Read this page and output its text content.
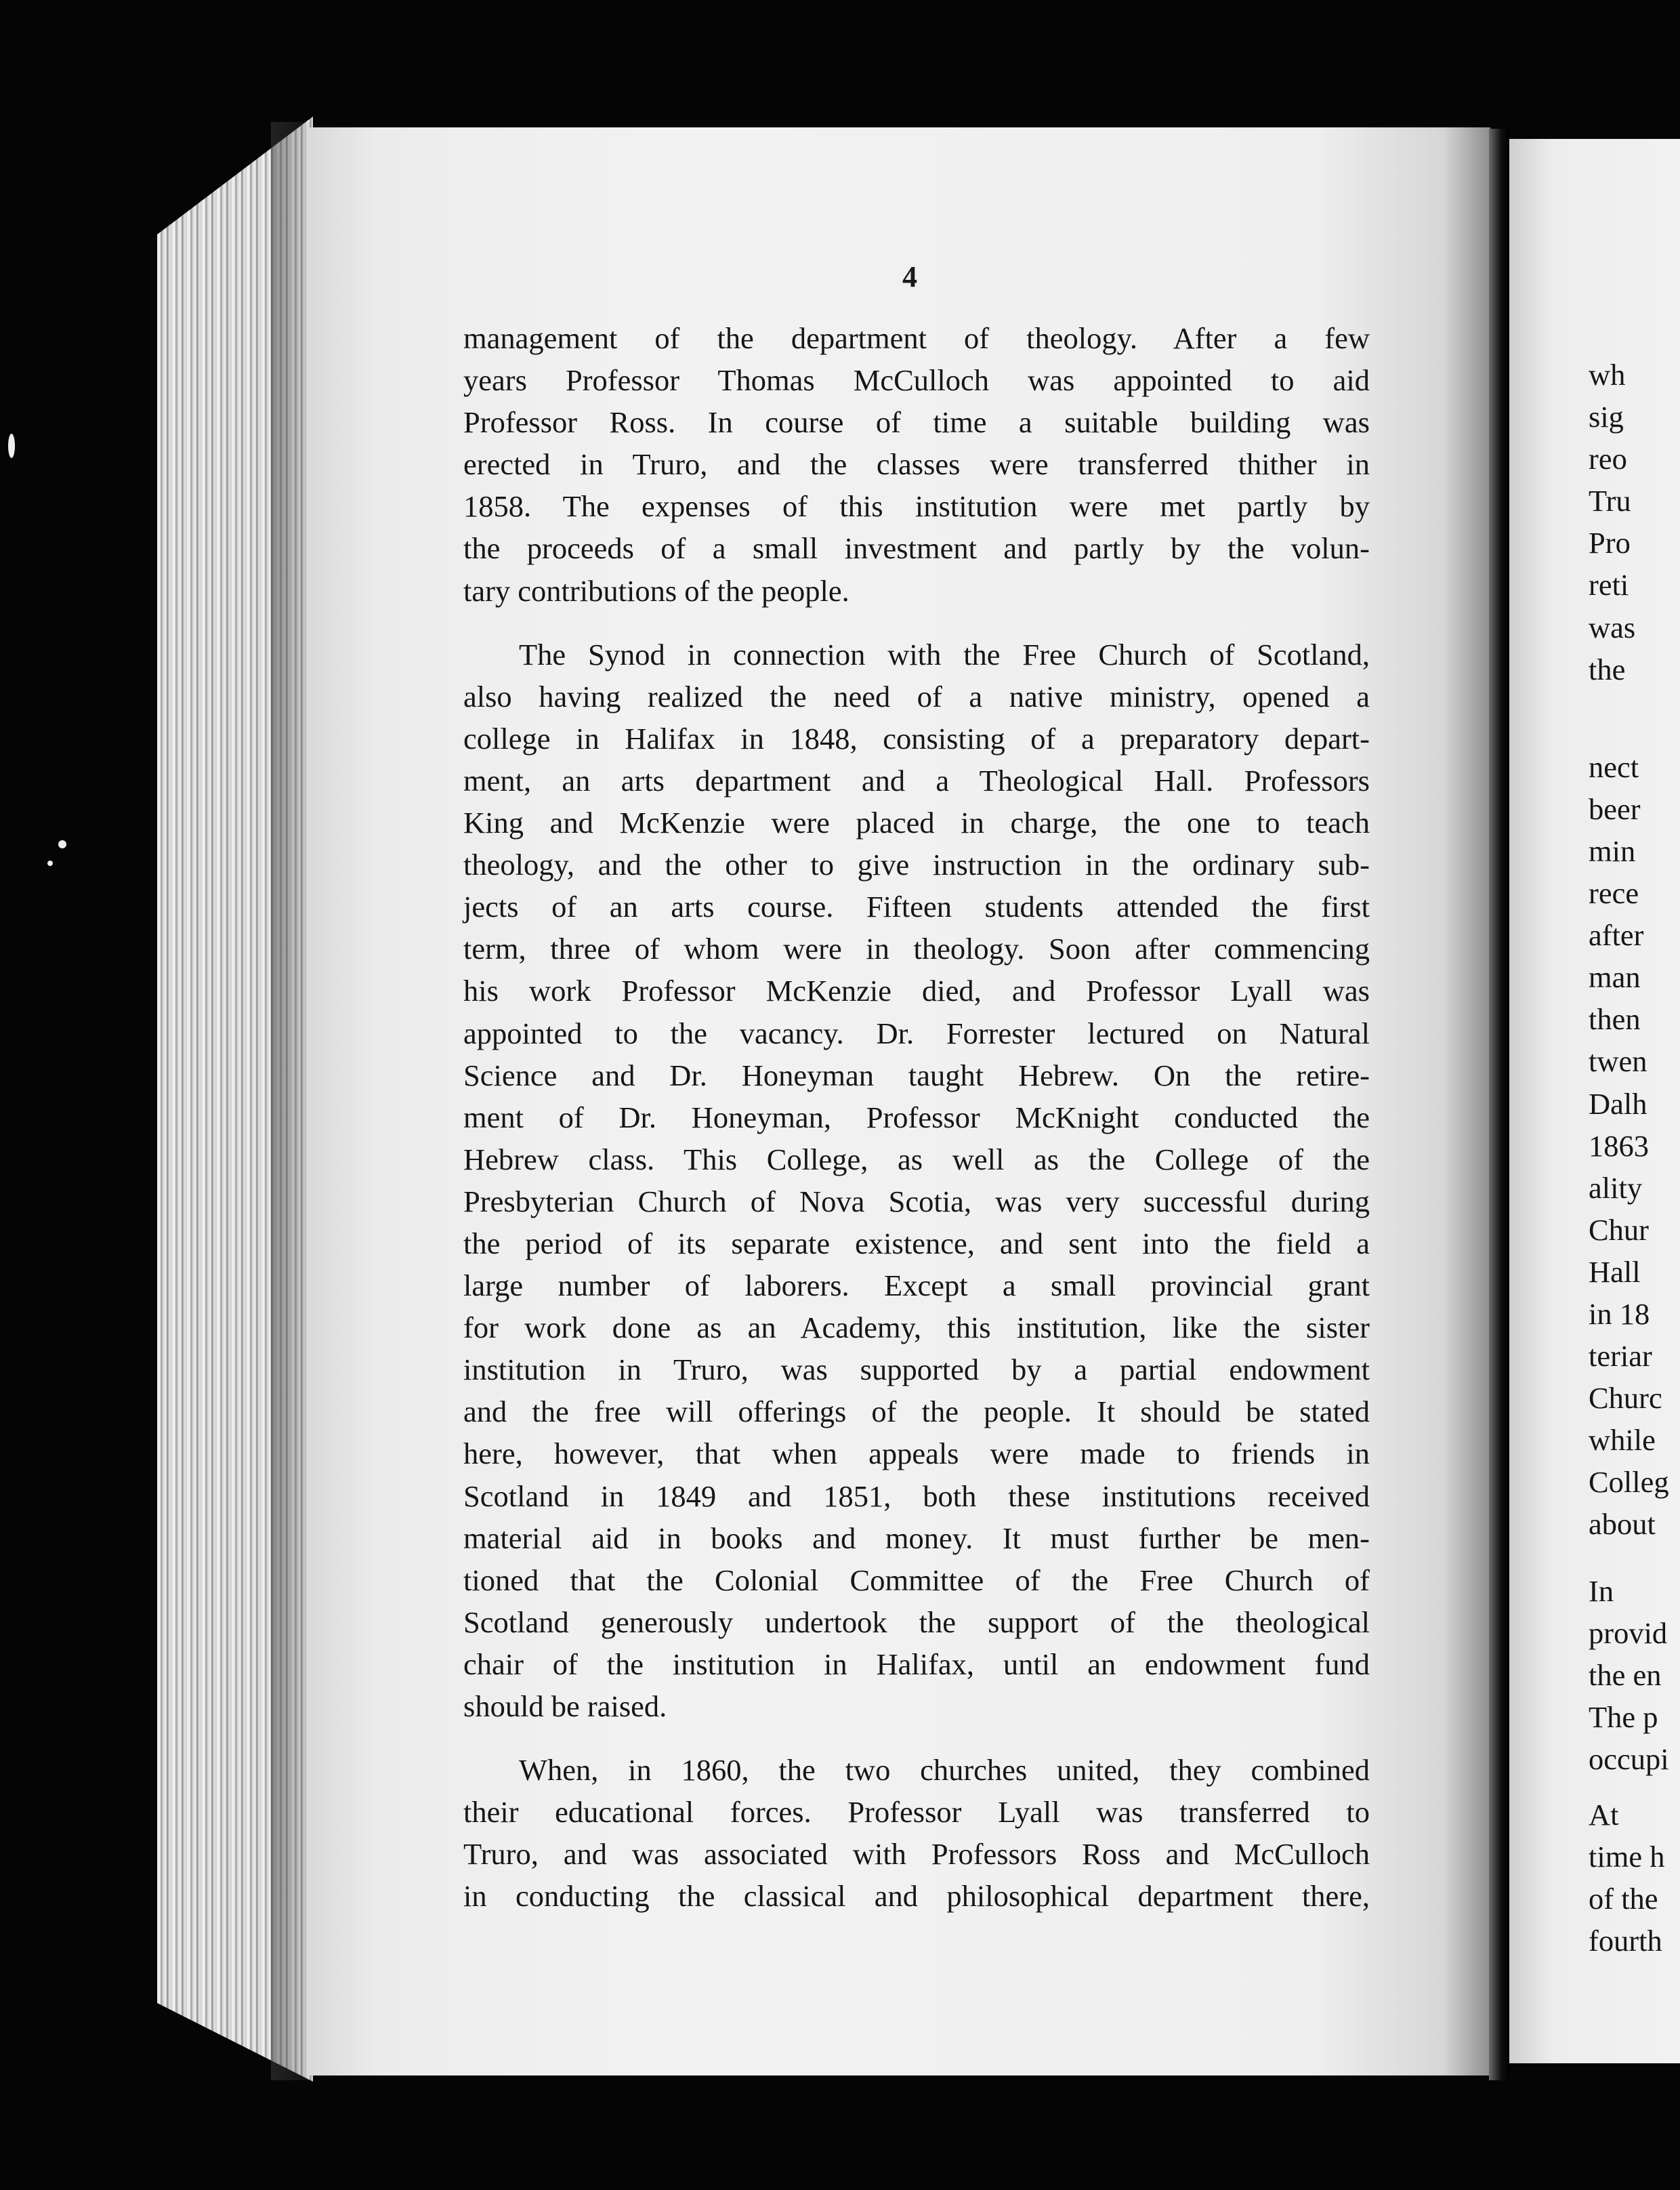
4
management of the department of theology. After a few
years Professor Thomas McCulloch was appointed to aid
Professor Ross. In course of time a suitable building was
erected in Truro, and the classes were transferred thither in
1858. The expenses of this institution were met partly by
the proceeds of a small investment and partly by the volun-
tary contributions of the people.
The Synod in connection with the Free Church of Scotland,
also having realized the need of a native ministry, opened a
college in Halifax in 1848, consisting of a preparatory depart-
ment, an arts department and a Theological Hall. Professors
King and McKenzie were placed in charge, the one to teach
theology, and the other to give instruction in the ordinary sub-
jects of an arts course. Fifteen students attended the first
term, three of whom were in theology. Soon after commencing
his work Professor McKenzie died, and Professor Lyall was
appointed to the vacancy. Dr. Forrester lectured on Natural
Science and Dr. Honeyman taught Hebrew. On the retire-
ment of Dr. Honeyman, Professor McKnight conducted the
Hebrew class. This College, as well as the College of the
Presbyterian Church of Nova Scotia, was very successful during
the period of its separate existence, and sent into the field a
large number of laborers. Except a small provincial grant
for work done as an Academy, this institution, like the sister
institution in Truro, was supported by a partial endowment
and the free will offerings of the people. It should be stated
here, however, that when appeals were made to friends in
Scotland in 1849 and 1851, both these institutions received
material aid in books and money. It must further be men-
tioned that the Colonial Committee of the Free Church of
Scotland generously undertook the support of the theological
chair of the institution in Halifax, until an endowment fund
should be raised.
When, in 1860, the two churches united, they combined
their educational forces. Professor Lyall was transferred to
Truro, and was associated with Professors Ross and McCulloch
in conducting the classical and philosophical department there,
wh
sig
reo
Tru
Pro
reti
was
the
nect
beer
min
rece
after
man
then
twen
Dalh
1863
ality
Chur
Hall
in 18
teriar
Churc
while
Colleg
about
In
provid
the en
The p
occupi
At
time h
of the
fourth
